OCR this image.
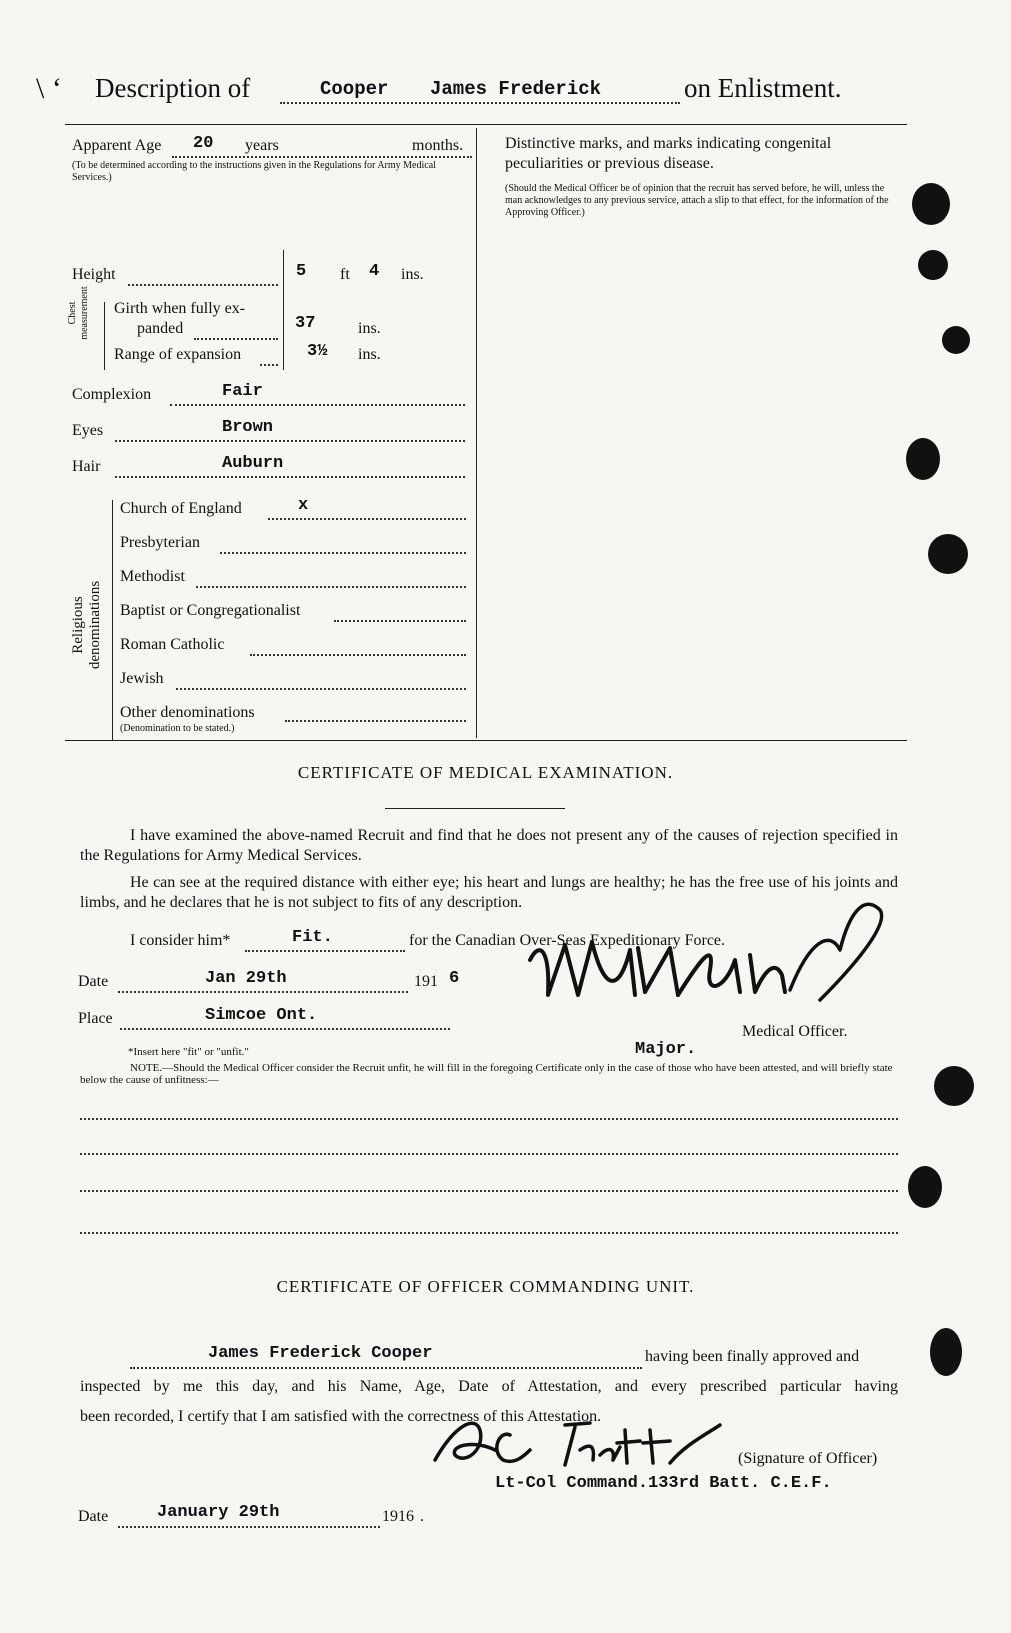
\ ‘ Description of	Cooper James Frederick	on Enlistment.
Apparent Age 20 years	months.
(To be determined according to the instructions given in the Regulations for Army Medical Services.)
Height	5 ft 4 ins.
Chest measurement Girth when fully ex-
panded	37	ins.
Range of expansion	3½ ins.
Complexion	Fair
Eyes	Brown
Hair	Auburn
Religious denominations
Church of England	x
Presbyterian
Methodist
Baptist or Congregationalist
Roman Catholic
Jewish
Other denominations
(Denomination to be stated.)
Distinctive marks, and marks indicating congenital peculiarities or previous disease.
(Should the Medical Officer be of opinion that the recruit has served before, he will, unless the man acknowledges to any previous service, attach a slip to that effect, for the information of the Approving Officer.)
CERTIFICATE OF MEDICAL EXAMINATION.
I have examined the above-named Recruit and find that he does not present any of the causes of rejection specified in the Regulations for Army Medical Services.
He can see at the required distance with either eye; his heart and lungs are healthy; he has the free use of his joints and limbs, and he declares that he is not subject to fits of any description.
I consider him*	Fit.	for the Canadian Over-Seas Expeditionary Force.
Date	Jan 29th	191 6
Place	Simcoe Ont.
Major.
Medical Officer.
*Insert here "fit" or "unfit."
NOTE.—Should the Medical Officer consider the Recruit unfit, he will fill in the foregoing Certificate only in the case of those who have been attested, and will briefly state below the cause of unfitness:—
CERTIFICATE OF OFFICER COMMANDING UNIT.
James Frederick Cooper	having been finally approved and
inspected by me this day, and his Name, Age, Date of Attestation, and every prescribed particular having
been recorded, I certify that I am satisfied with the correctness of this Attestation.
(Signature of Officer)
Lt-Col Command.133rd Batt. C.E.F.
Date	January 29th	1916 .
